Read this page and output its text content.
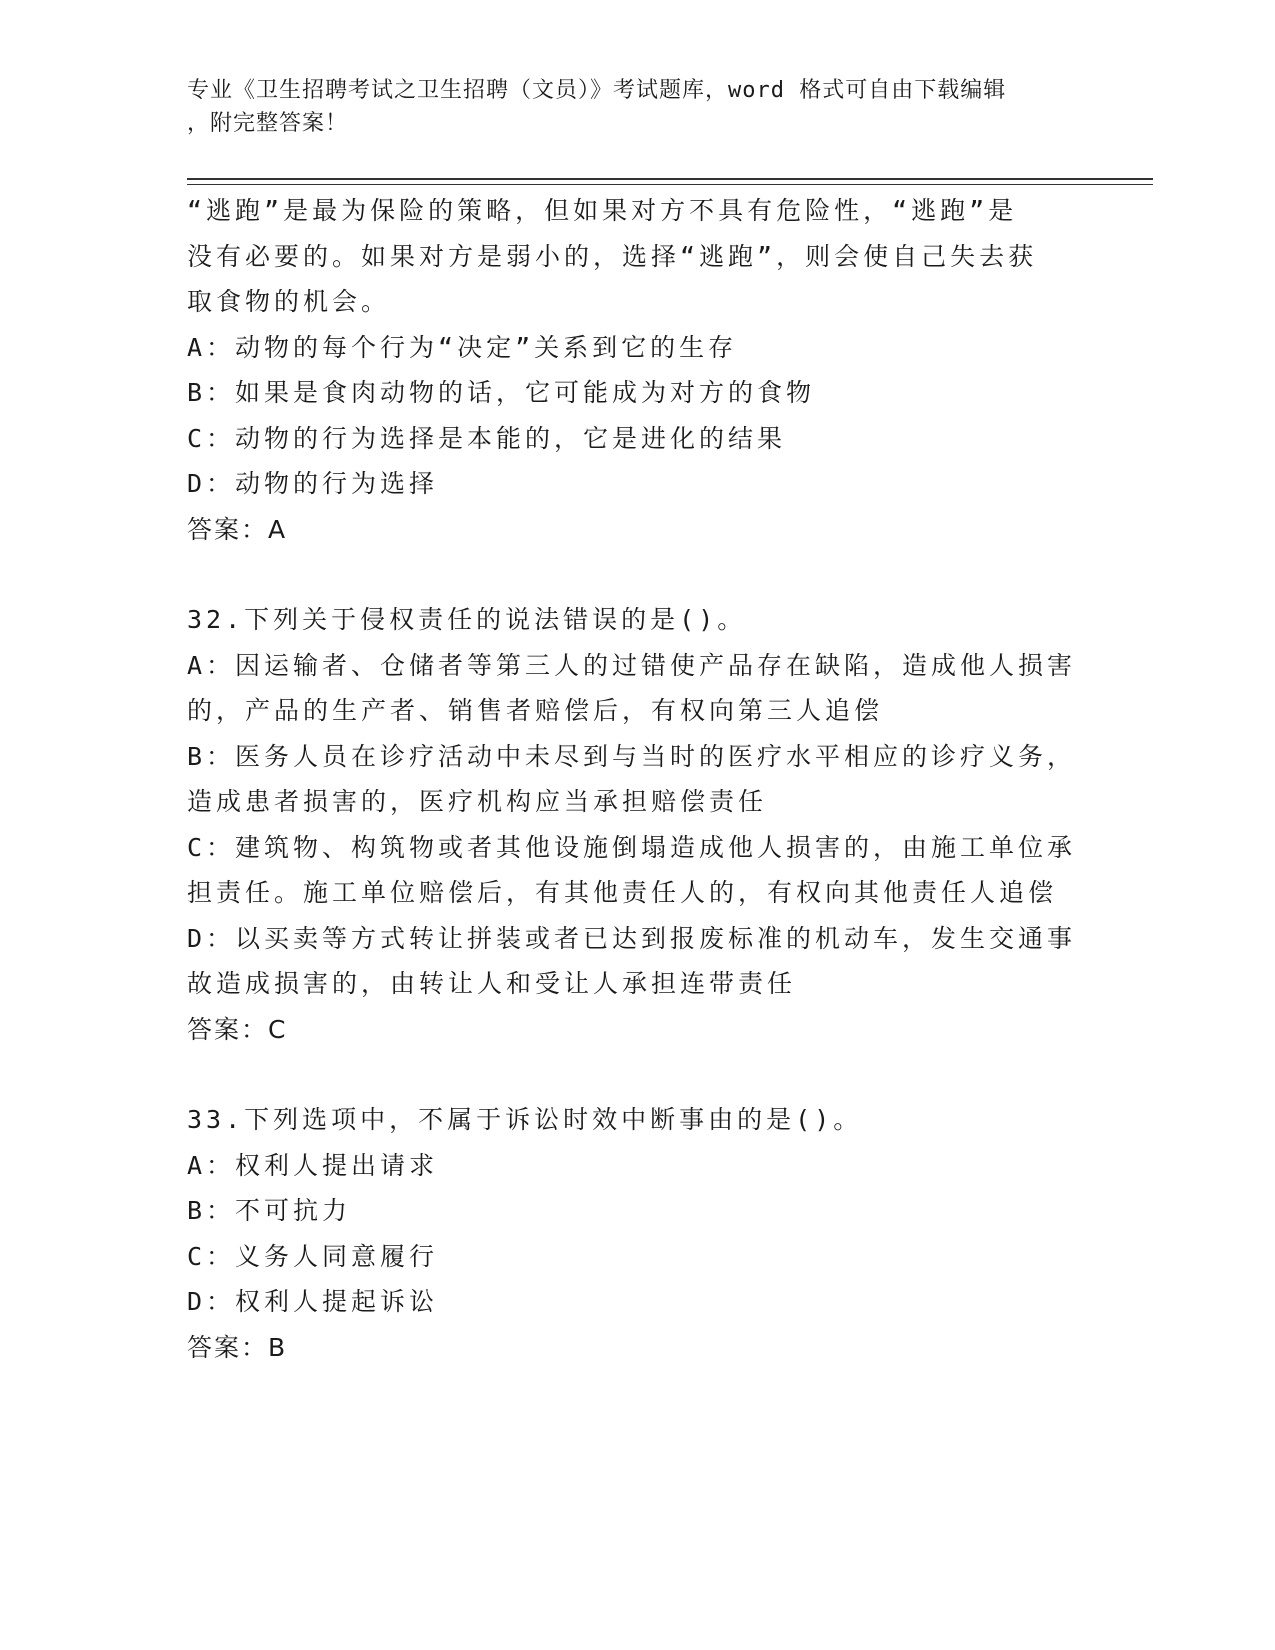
专业《卫生招聘考试之卫生招聘（文员）》考试题库，word 格式可自由下载编辑
，附完整答案！
“逃跑”是最为保险的策略，但如果对方不具有危险性，“逃跑”是
没有必要的。如果对方是弱小的，选择“逃跑”，则会使自己失去获
取食物的机会。
A：动物的每个行为“决定”关系到它的生存
B：如果是食肉动物的话，它可能成为对方的食物
C：动物的行为选择是本能的，它是进化的结果
D：动物的行为选择
答案：A
32.下列关于侵权责任的说法错误的是()。
A：因运输者、仓储者等第三人的过错使产品存在缺陷，造成他人损害
的，产品的生产者、销售者赔偿后，有权向第三人追偿
B：医务人员在诊疗活动中未尽到与当时的医疗水平相应的诊疗义务，
造成患者损害的，医疗机构应当承担赔偿责任
C：建筑物、构筑物或者其他设施倒塌造成他人损害的，由施工单位承
担责任。施工单位赔偿后，有其他责任人的，有权向其他责任人追偿
D：以买卖等方式转让拼装或者已达到报废标准的机动车，发生交通事
故造成损害的，由转让人和受让人承担连带责任
答案：C
33.下列选项中，不属于诉讼时效中断事由的是()。
A：权利人提出请求
B：不可抗力
C：义务人同意履行
D：权利人提起诉讼
答案：B
